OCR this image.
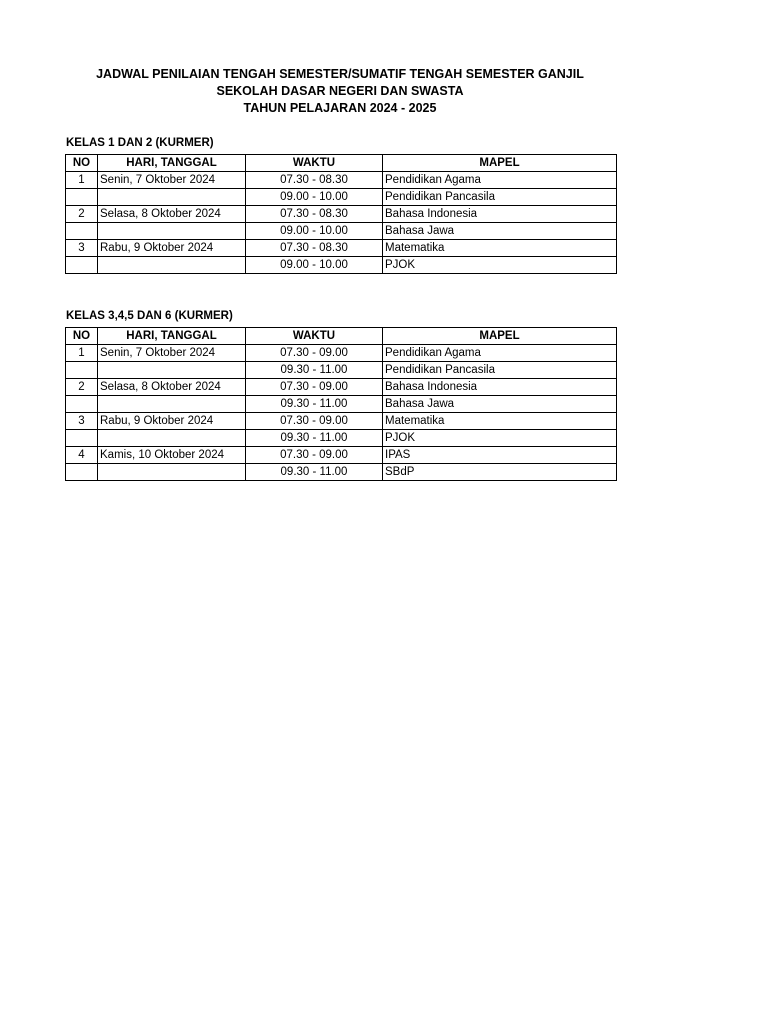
JADWAL PENILAIAN TENGAH SEMESTER/SUMATIF TENGAH SEMESTER GANJIL
SEKOLAH DASAR NEGERI DAN SWASTA
TAHUN PELAJARAN 2024 - 2025
KELAS 1 DAN 2 (KURMER)
NO	HARI, TANGGAL	WAKTU	MAPEL
1	Senin, 7 Oktober 2024	07.30 - 08.30	Pendidikan Agama
		09.00 - 10.00	Pendidikan Pancasila
2	Selasa, 8 Oktober 2024	07.30 - 08.30	Bahasa Indonesia
		09.00 - 10.00	Bahasa Jawa
3	Rabu, 9 Oktober 2024	07.30 - 08.30	Matematika
		09.00 - 10.00	PJOK
KELAS 3,4,5 DAN 6 (KURMER)
NO	HARI, TANGGAL	WAKTU	MAPEL
1	Senin, 7 Oktober 2024	07.30 - 09.00	Pendidikan Agama
		09.30 - 11.00	Pendidikan Pancasila
2	Selasa, 8 Oktober 2024	07.30 - 09.00	Bahasa Indonesia
		09.30 - 11.00	Bahasa Jawa
3	Rabu, 9 Oktober 2024	07.30 - 09.00	Matematika
		09.30 - 11.00	PJOK
4	Kamis, 10 Oktober 2024	07.30 - 09.00	IPAS
		09.30 - 11.00	SBdP
